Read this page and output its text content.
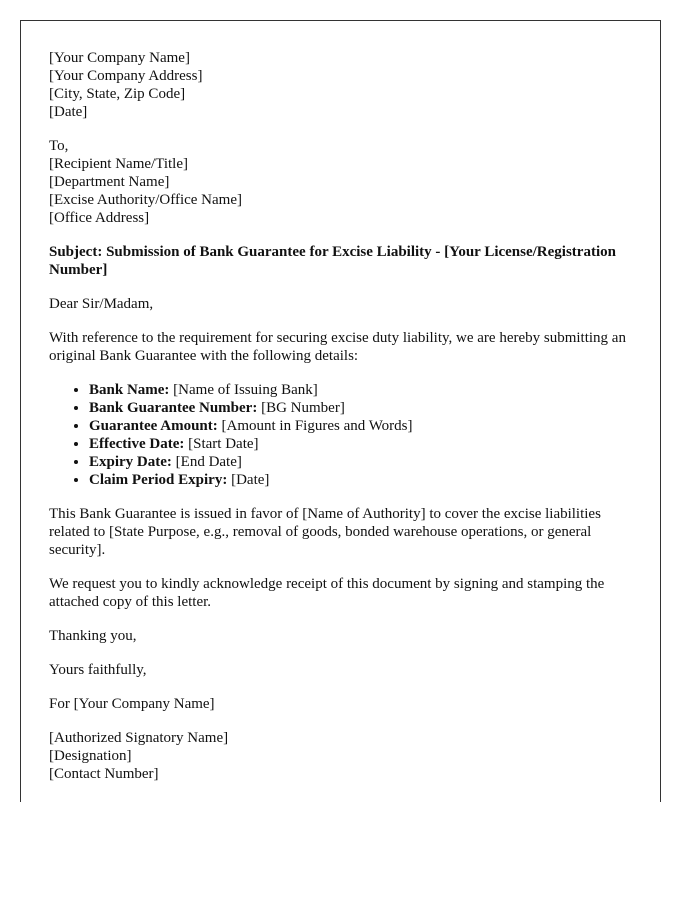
[Your Company Name]
[Your Company Address]
[City, State, Zip Code]
[Date]
To,
[Recipient Name/Title]
[Department Name]
[Excise Authority/Office Name]
[Office Address]
Subject: Submission of Bank Guarantee for Excise Liability - [Your License/Registration Number]
Dear Sir/Madam,
With reference to the requirement for securing excise duty liability, we are hereby submitting an original Bank Guarantee with the following details:
• Bank Name: [Name of Issuing Bank]
• Bank Guarantee Number: [BG Number]
• Guarantee Amount: [Amount in Figures and Words]
• Effective Date: [Start Date]
• Expiry Date: [End Date]
• Claim Period Expiry: [Date]
This Bank Guarantee is issued in favor of [Name of Authority] to cover the excise liabilities related to [State Purpose, e.g., removal of goods, bonded warehouse operations, or general security].
We request you to kindly acknowledge receipt of this document by signing and stamping the attached copy of this letter.
Thanking you,
Yours faithfully,
For [Your Company Name]
[Authorized Signatory Name]
[Designation]
[Contact Number]
